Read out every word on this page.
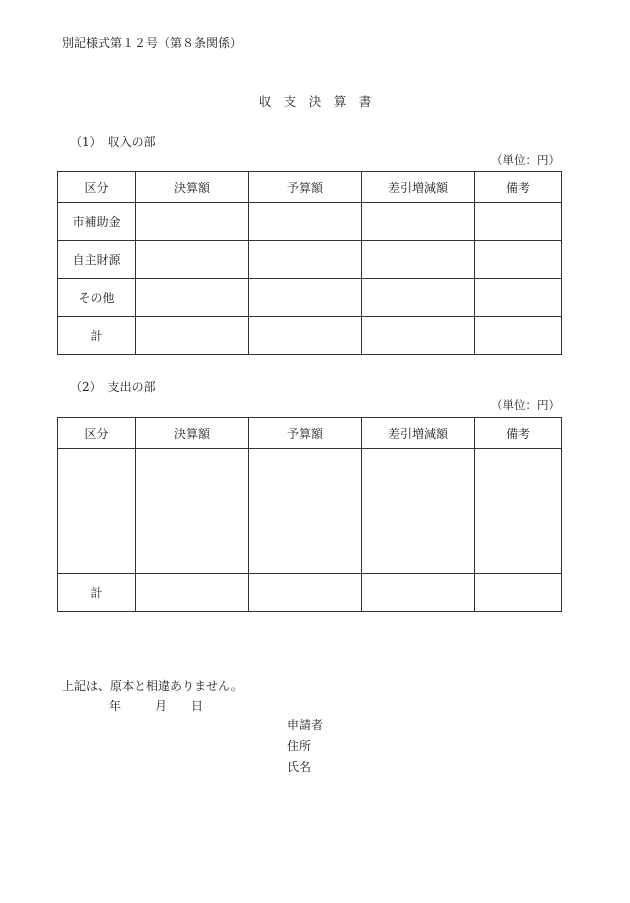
別記様式第１２号（第８条関係）
収　支　決　算　書
（1）　収入の部
（単位：円）
区分	決算額	予算額	差引増減額	備考
市補助金				
自主財源				
その他				
計				
（2）　支出の部
（単位：円）
区分	決算額	予算額	差引増減額	備考

計				
上記は、原本と相違ありません。
年	月 日
申請者
住所
氏名
